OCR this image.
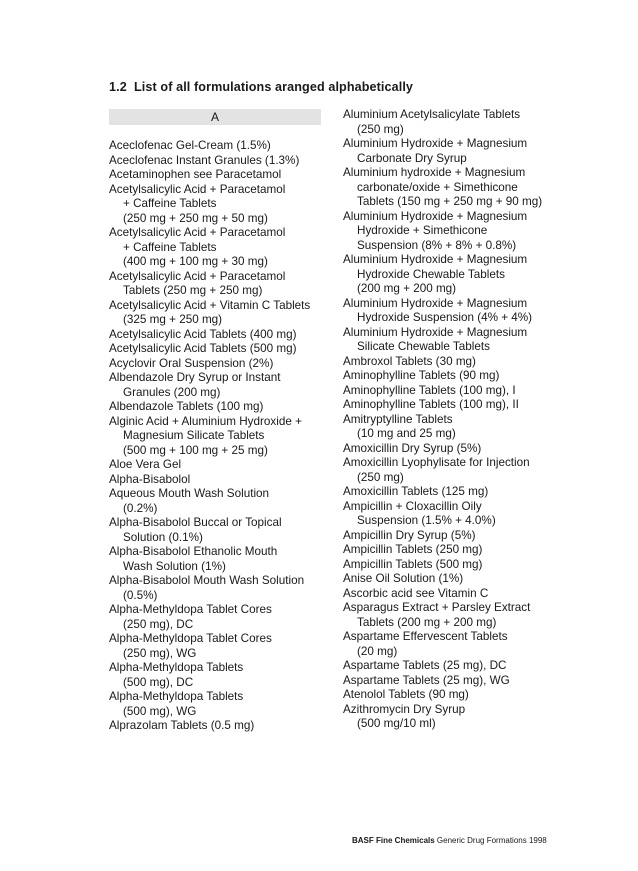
1.2 List of all formulations aranged alphabetically
A
Aceclofenac Gel-Cream (1.5%)
Aceclofenac Instant Granules (1.3%)
Acetaminophen see Paracetamol
Acetylsalicylic Acid + Paracetamol
+ Caffeine Tablets
(250 mg + 250 mg + 50 mg)
Acetylsalicylic Acid + Paracetamol
+ Caffeine Tablets
(400 mg + 100 mg + 30 mg)
Acetylsalicylic Acid + Paracetamol
Tablets (250 mg + 250 mg)
Acetylsalicylic Acid + Vitamin C Tablets
(325 mg + 250 mg)
Acetylsalicylic Acid Tablets (400 mg)
Acetylsalicylic Acid Tablets (500 mg)
Acyclovir Oral Suspension (2%)
Albendazole Dry Syrup or Instant
Granules (200 mg)
Albendazole Tablets (100 mg)
Alginic Acid + Aluminium Hydroxide +
Magnesium Silicate Tablets
(500 mg + 100 mg + 25 mg)
Aloe Vera Gel
Alpha-Bisabolol
Aqueous Mouth Wash Solution
(0.2%)
Alpha-Bisabolol Buccal or Topical
Solution (0.1%)
Alpha-Bisabolol Ethanolic Mouth
Wash Solution (1%)
Alpha-Bisabolol Mouth Wash Solution
(0.5%)
Alpha-Methyldopa Tablet Cores
(250 mg), DC
Alpha-Methyldopa Tablet Cores
(250 mg), WG
Alpha-Methyldopa Tablets
(500 mg), DC
Alpha-Methyldopa Tablets
(500 mg), WG
Alprazolam Tablets (0.5 mg)
Aluminium Acetylsalicylate Tablets
(250 mg)
Aluminium Hydroxide + Magnesium
Carbonate Dry Syrup
Aluminium hydroxide + Magnesium
carbonate/oxide + Simethicone
Tablets (150 mg + 250 mg + 90 mg)
Aluminium Hydroxide + Magnesium
Hydroxide + Simethicone
Suspension (8% + 8% + 0.8%)
Aluminium Hydroxide + Magnesium
Hydroxide Chewable Tablets
(200 mg + 200 mg)
Aluminium Hydroxide + Magnesium
Hydroxide Suspension (4% + 4%)
Aluminium Hydroxide + Magnesium
Silicate Chewable Tablets
Ambroxol Tablets (30 mg)
Aminophylline Tablets (90 mg)
Aminophylline Tablets (100 mg), I
Aminophylline Tablets (100 mg), II
Amitryptylline Tablets
(10 mg and 25 mg)
Amoxicillin Dry Syrup (5%)
Amoxicillin Lyophylisate for Injection
(250 mg)
Amoxicillin Tablets (125 mg)
Ampicillin + Cloxacillin Oily
Suspension (1.5% + 4.0%)
Ampicillin Dry Syrup (5%)
Ampicillin Tablets (250 mg)
Ampicillin Tablets (500 mg)
Anise Oil Solution (1%)
Ascorbic acid see Vitamin C
Asparagus Extract + Parsley Extract
Tablets (200 mg + 200 mg)
Aspartame Effervescent Tablets
(20 mg)
Aspartame Tablets (25 mg), DC
Aspartame Tablets (25 mg), WG
Atenolol Tablets (90 mg)
Azithromycin Dry Syrup
(500 mg/10 ml)
BASF Fine Chemicals Generic Drug Formations 1998
